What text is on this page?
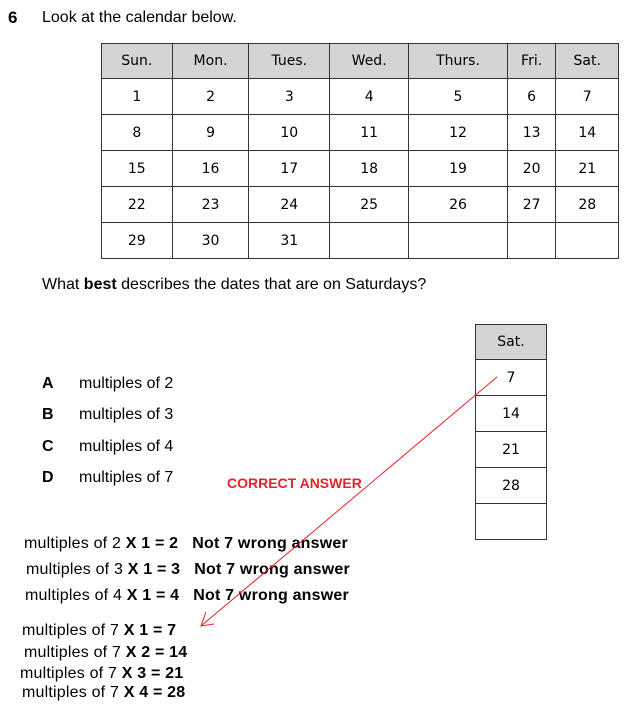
6 Look at the calendar below.
Sun.	Mon.	Tues.	Wed.	Thurs.	Fri.	Sat.
1	2	3	4	5	6	7
8	9	10	11	12	13	14
15	16	17	18	19	20	21
22	23	24	25	26	27	28
29	30	31				
What best describes the dates that are on Saturdays?
A multiples of 2
B multiples of 3
C multiples of 4
D multiples of 7	CORRECT ANSWER
Sat.
7
14
21
28

multiples of 2 X 1 = 2 Not 7 wrong answer
multiples of 3 X 1 = 3 Not 7 wrong answer
multiples of 4 X 1 = 4 Not 7 wrong answer
multiples of 7 X 1 = 7
multiples of 7 X 2 = 14
multiples of 7 X 3 = 21
multiples of 7 X 4 = 28
